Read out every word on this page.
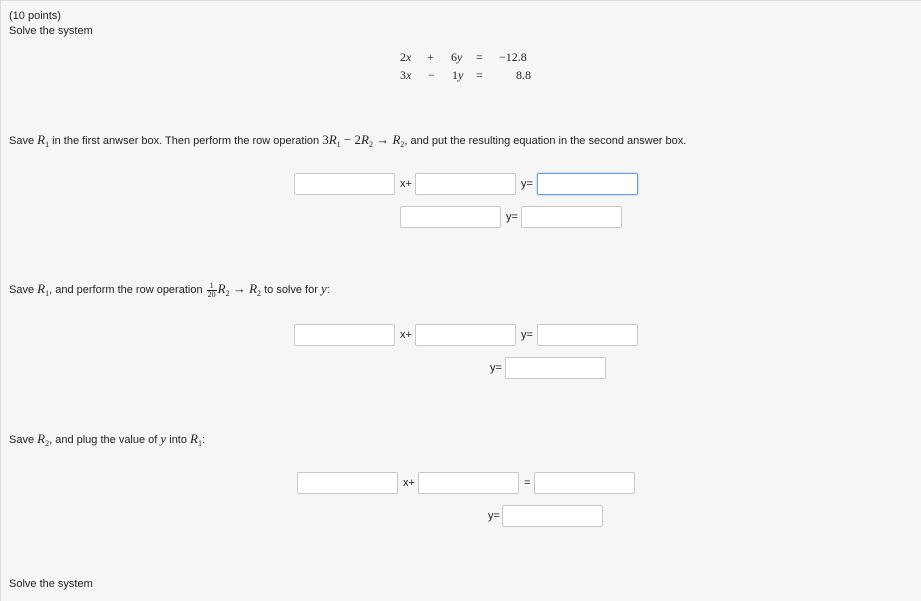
(10 points)
Solve the system
2x + 6y = −12.8
3x − 1y =	8.8
Save $R_1$ in the first anwser box. Then perform the row operation $3R_1 - 2R_2 \to R_2$, and put the resulting equation in the second answer box.
x+	y=
y=
Save $R_1$, and perform the row operation $\frac{1}{20} R_2 \to R_2$ to solve for y:
x+	y=
y=
Save $R_2$, and plug the value of y into $R_1$:
x+	=
y=
Solve the system
